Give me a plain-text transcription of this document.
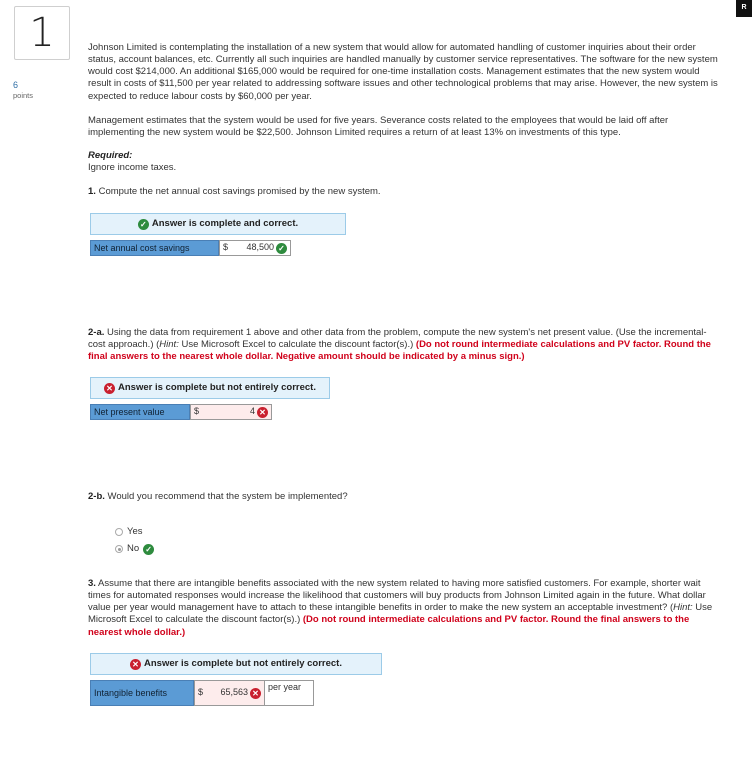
1
6
points
R

Johnson Limited is contemplating the installation of a new system that would allow for automated handling of customer inquiries about their order status, account balances, etc. Currently all such inquiries are handled manually by customer service representatives. The software for the new system would cost $214,000. An additional $165,000 would be required for one-time installation costs. Management estimates that the new system would result in costs of $11,500 per year related to addressing software issues and other technological problems that may arise. However, the new system is expected to reduce labour costs by $60,000 per year.

Management estimates that the system would be used for five years. Severance costs related to the employees that would be laid off after implementing the new system would be $22,500. Johnson Limited requires a return of at least 13% on investments of this type.

Required:

Ignore income taxes.

1. Compute the net annual cost savings promised by the new system.

✓ Answer is complete and correct.
Net annual cost savings	$	48,500 ✓

2-a. Using the data from requirement 1 above and other data from the problem, compute the new system's net present value. (Use the incremental-cost approach.) (Hint: Use Microsoft Excel to calculate the discount factor(s).) (Do not round intermediate calculations and PV factor. Round the final answers to the nearest whole dollar. Negative amount should be indicated by a minus sign.)

✕ Answer is complete but not entirely correct.
Net present value	$	4 ✕

2-b. Would you recommend that the system be implemented?

Yes
No ✓

3. Assume that there are intangible benefits associated with the new system related to having more satisfied customers. For example, shorter wait times for automated responses would increase the likelihood that customers will buy products from Johnson Limited again in the future. What dollar value per year would management have to attach to these intangible benefits in order to make the new system an acceptable investment? (Hint: Use Microsoft Excel to calculate the discount factor(s).) (Do not round intermediate calculations and PV factor. Round the final answers to the nearest whole dollar.)

✕ Answer is complete but not entirely correct.
Intangible benefits	$	65,563 ✕
per year
